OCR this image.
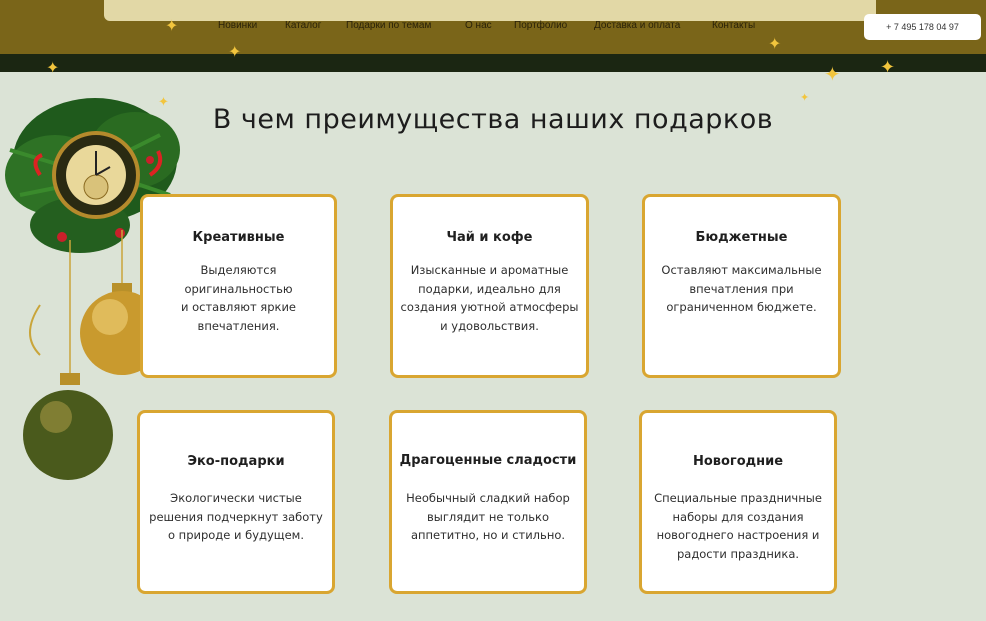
Новинки	Каталог Подарки по темам	О нас Портфолио	Доставка и оплата	Контакты	+ 7 495 178 04 97
✦
✦
✦
✦
✦
✦ ✦
✦
В чем преимущества наших подарков
Креативные

Выделяются
оригинальностью
и оставляют яркие
впечатления.

Чай и кофе

Изысканные и ароматные
подарки, идеально для
создания уютной атмосферы
и удовольствия.

Бюджетные

Оставляют максимальные
впечатления при
ограниченном бюджете.

Эко-подарки

Экологически чистые
решения подчеркнут заботу
о природе и будущем.

Драгоценные сладости

Необычный сладкий набор
выглядит не только
аппетитно, но и стильно.

Новогодние

Специальные праздничные
наборы для создания
новогоднего настроения и
радости праздника.
